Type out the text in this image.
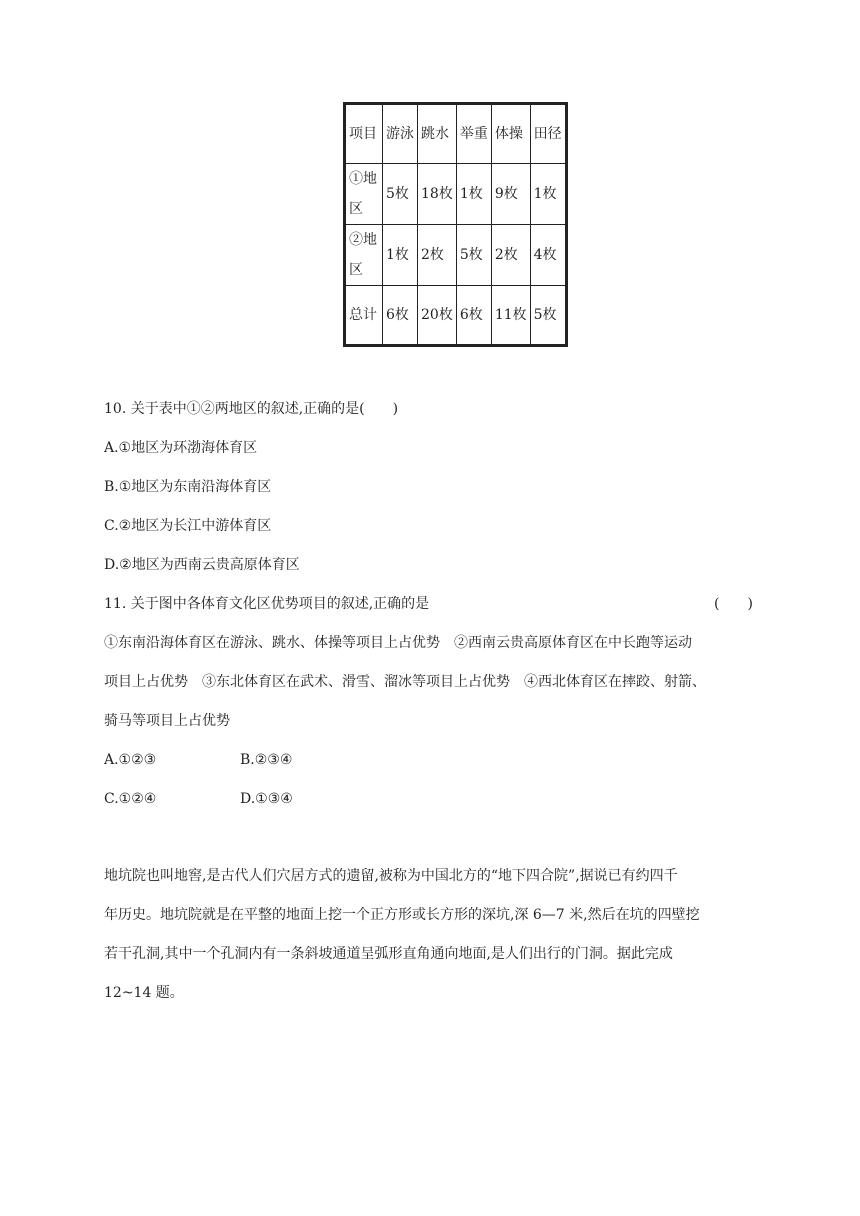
项目	游泳	跳水	举重	体操	田径

①地区	5枚	18枚	1枚	9枚	1枚

②地区	1枚	2枚	5枚	2枚	4枚

总计	6枚	20枚	6枚	11枚	5枚
10. 关于表中①②两地区的叙述,正确的是(　　)
A.①地区为环渤海体育区
B.①地区为东南沿海体育区
C.②地区为长江中游体育区
D.②地区为西南云贵高原体育区
11. 关于图中各体育文化区优势项目的叙述,正确的是	(　　)
①东南沿海体育区在游泳、跳水、体操等项目上占优势　②西南云贵高原体育区在中长跑等运动
项目上占优势　③东北体育区在武术、滑雪、溜冰等项目上占优势　④西北体育区在摔跤、射箭、
骑马等项目上占优势
A.①②③	B.②③④
C.①②④	D.①③④
地坑院也叫地窖,是古代人们穴居方式的遗留,被称为中国北方的“地下四合院”,据说已有约四千
年历史。地坑院就是在平整的地面上挖一个正方形或长方形的深坑,深 6—7 米,然后在坑的四壁挖
若干孔洞,其中一个孔洞内有一条斜坡通道呈弧形直角通向地面,是人们出行的门洞。据此完成
12~14 题。
